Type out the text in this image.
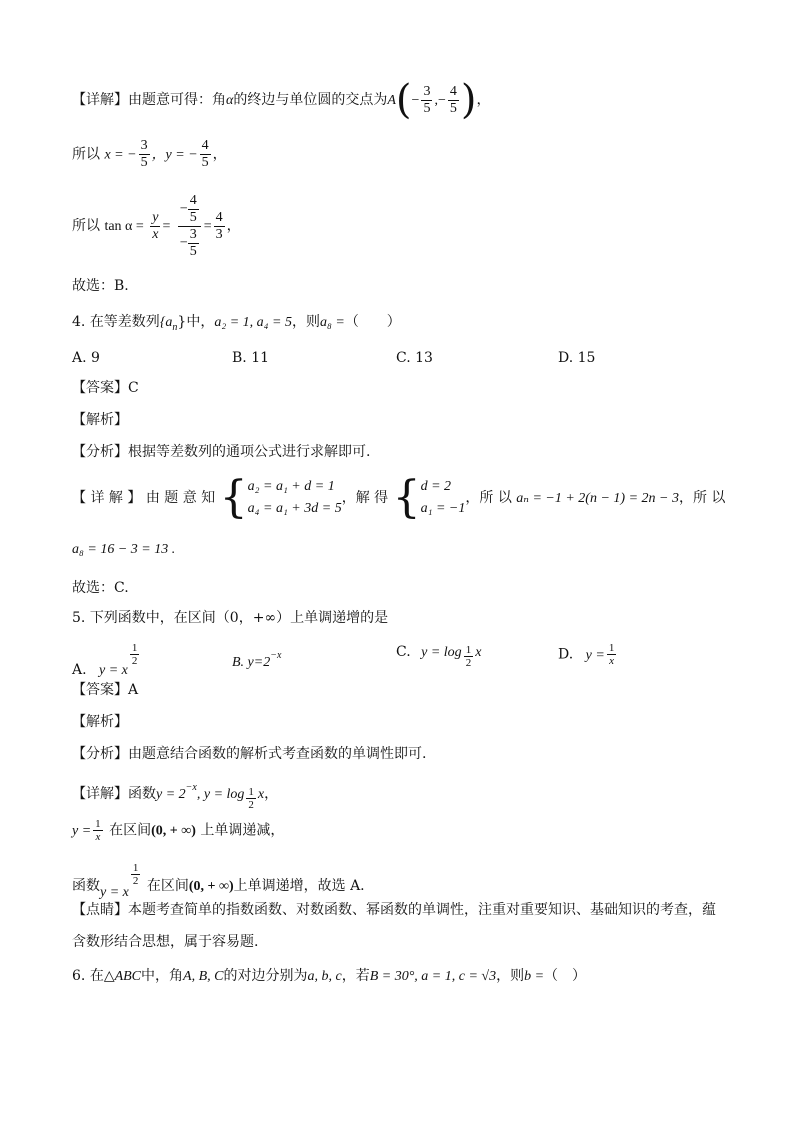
【详解】由题意可得：角α的终边与单位圆的交点为$A(- \frac{3}{5}$ ,− $\frac{4}{5}$ )，
所以 x = − $\frac{3}{5}$ ，y = − $\frac{4}{5}$ ，
所以 $\tan \alpha = \frac{y}{x} = \frac{- \frac{4}{5}}{- \frac{3}{5}} = \frac{4}{3}$ ，
故选：B.
4. 在等差数列$\{a_n\}$中，a₂ = 1, a₄ = 5，则a₈ =（　　）
A. 9	B. 11	C. 13	D. 15
【答案】C
【解析】
【分析】根据等差数列的通项公式进行求解即可.
【 详 解 】 由 题 意 知 { a₂ = a₁ + d = 1
a₄ = a₁ + 3d = 5
，解 得 { d = 2
a₁ = −1
，所 以 aₙ = −1 + 2(n − 1) = 2n − 3，所 以
a₈ = 16 − 3 = 13 .
故选：C.
5. 下列函数中，在区间（0，+∞）上单调递增的是
A. y = x
$\frac{1}{2}$	B. $y=2^{-x}$	C. $y = \log \frac{1}{2}$ x	D. $y = \frac{1}{x}$
【答案】A
【解析】
【分析】由题意结合函数的解析式考查函数的单调性即可.
【详解】函数$y = 2^{-x}$, $y = \log \frac{1}{2}$ x，
$y = \frac{1}{x}$ 在区间(0, + ∞) 上单调递减，
函数y = x
$\frac{1}{2}$ 在区间(0, + ∞)上单调递增，故选 A.
【点睛】本题考查简单的指数函数、对数函数、幂函数的单调性，注重对重要知识、基础知识的考查，蕴
含数形结合思想，属于容易题.
6. 在△ABC中，角A, B, C的对边分别为a, b, c，若B = 30°, a = 1, c = √3，则b =（　）
